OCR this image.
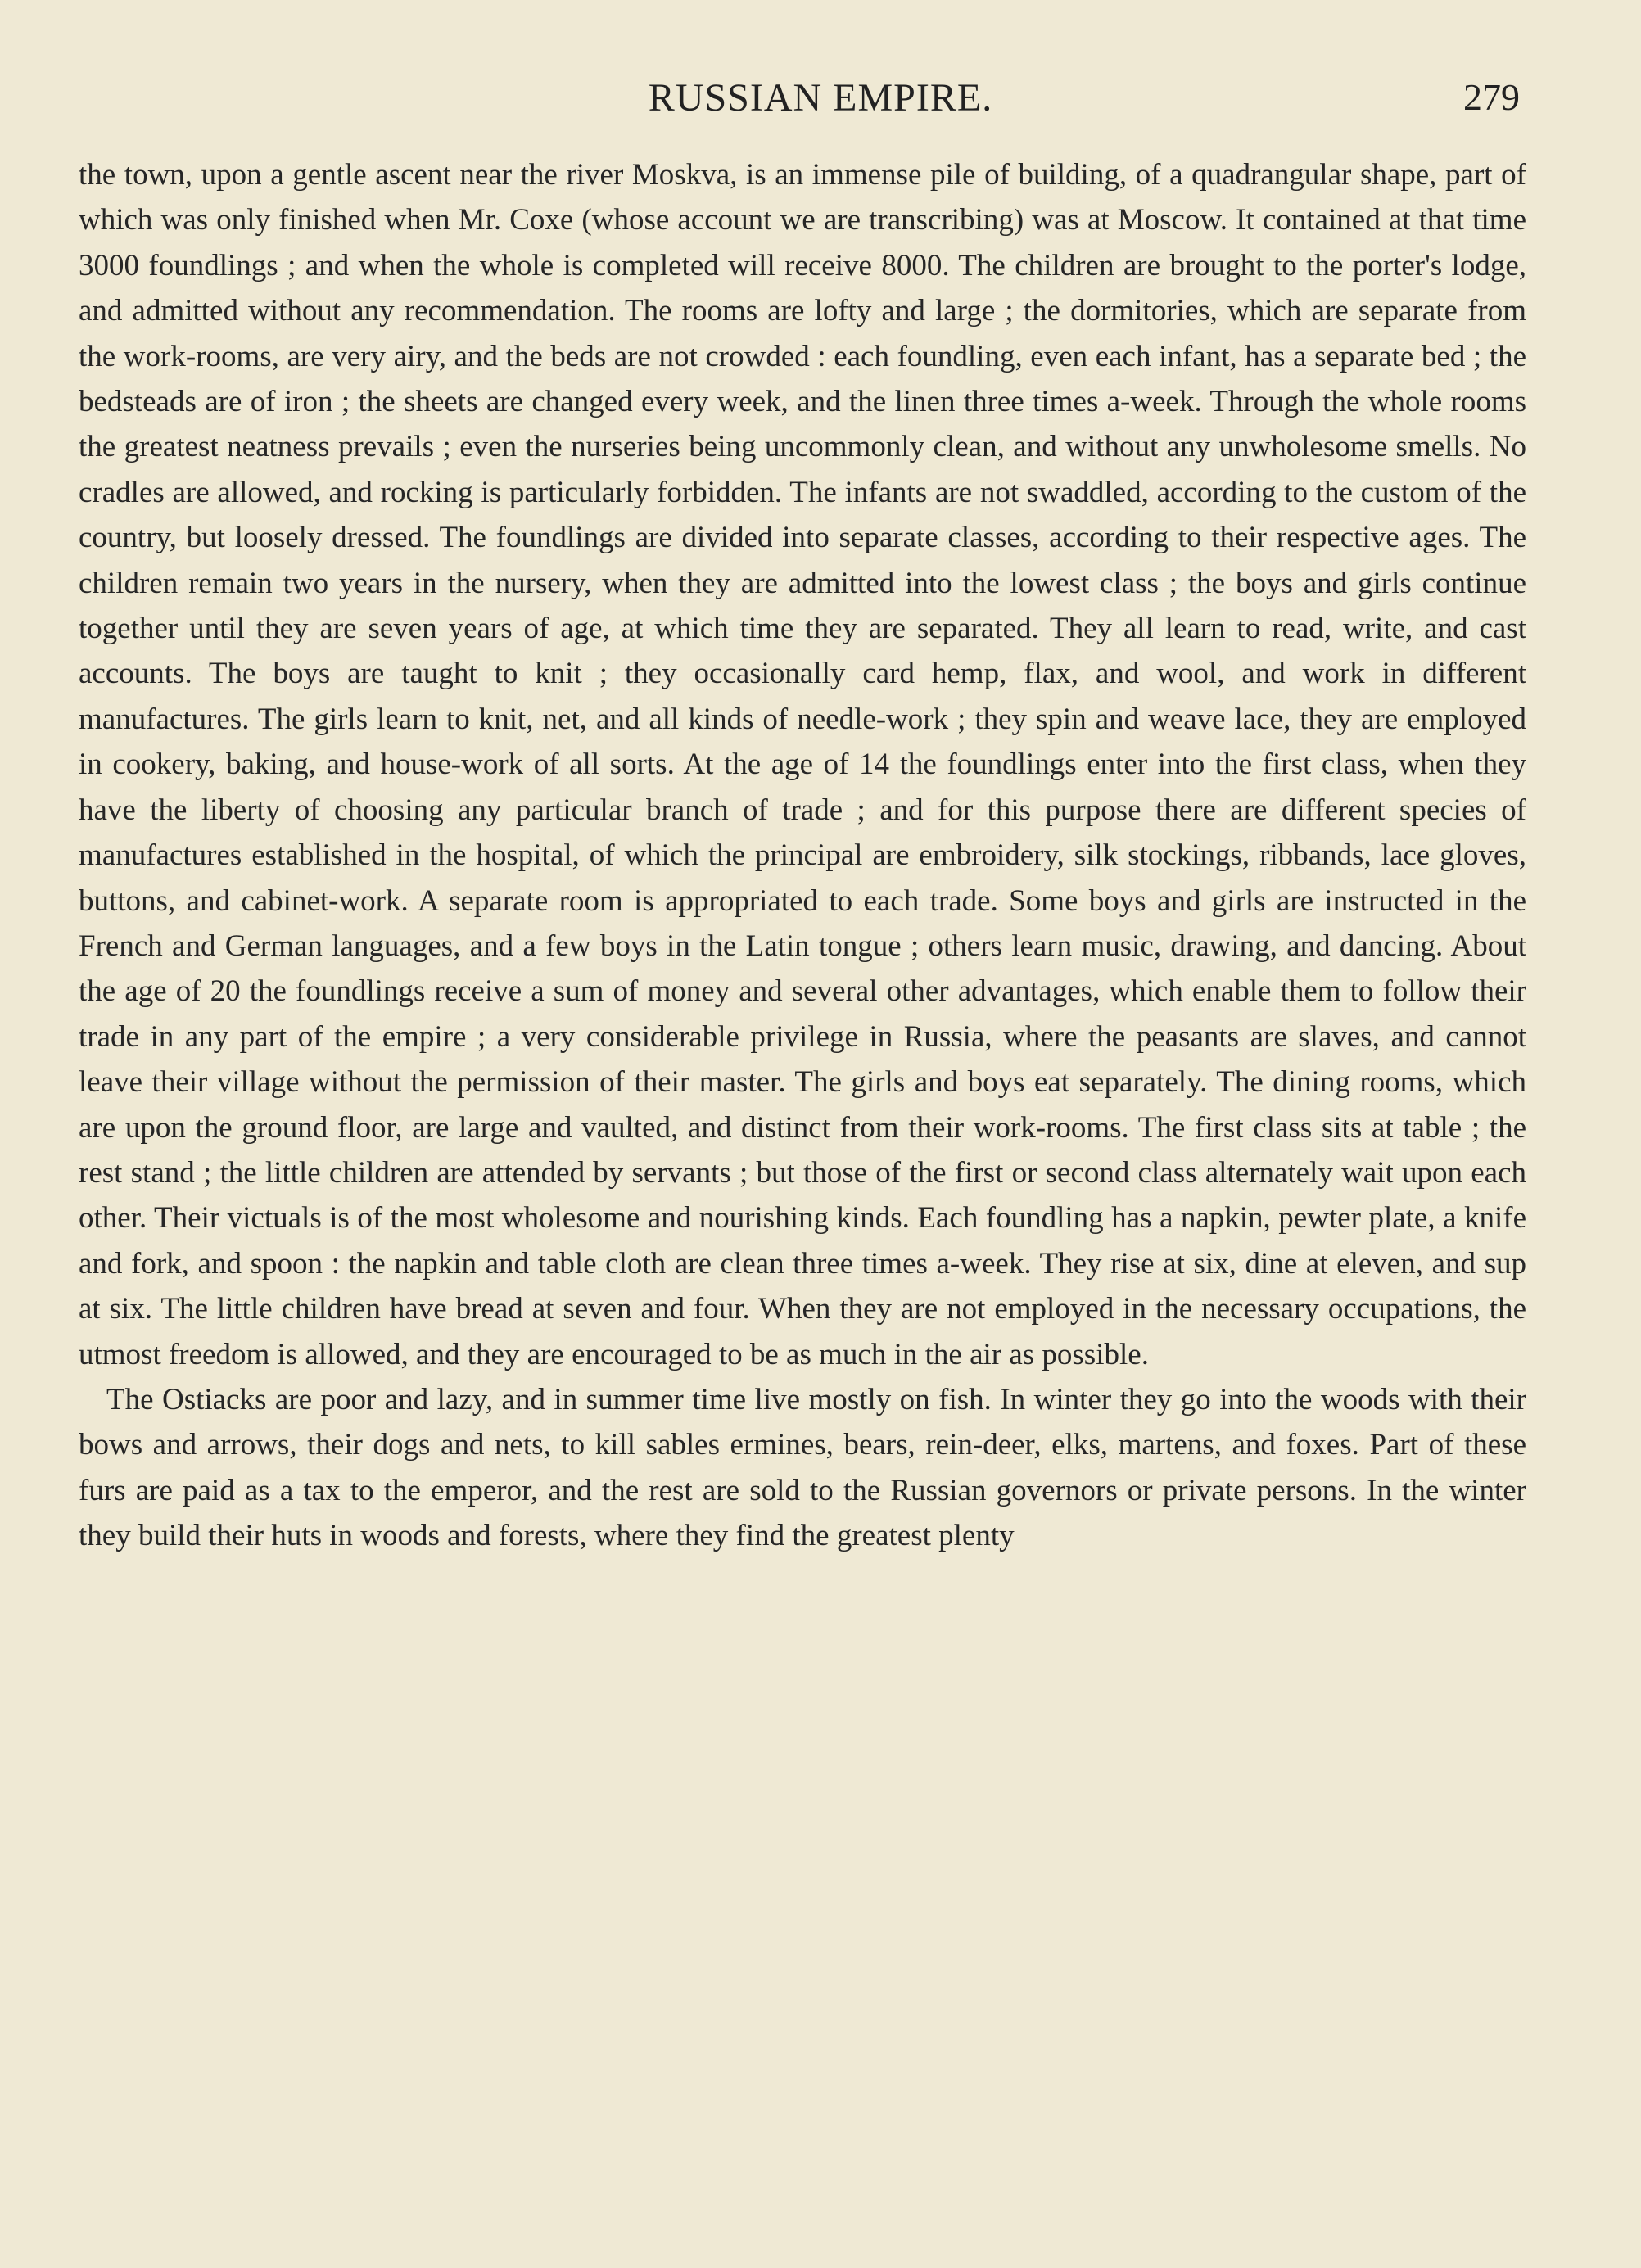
RUSSIAN EMPIRE.	279

the town, upon a gentle ascent near the river Moskva, is an immense pile of building, of a quadrangular shape, part of which was only finished when Mr. Coxe (whose account we are transcribing) was at Moscow. It contained at that time 3000 foundlings ; and when the whole is completed will receive 8000. The children are brought to the porter's lodge, and admitted without any recommendation. The rooms are lofty and large ; the dormitories, which are separate from the work-rooms, are very airy, and the beds are not crowded : each foundling, even each infant, has a separate bed ; the bedsteads are of iron ; the sheets are changed every week, and the linen three times a-week. Through the whole rooms the greatest neatness prevails ; even the nurseries being uncommonly clean, and without any unwholesome smells. No cradles are allowed, and rocking is particularly forbidden. The infants are not swaddled, according to the custom of the country, but loosely dressed. The foundlings are divided into separate classes, according to their respective ages. The children remain two years in the nursery, when they are admitted into the lowest class ; the boys and girls continue together until they are seven years of age, at which time they are separated. They all learn to read, write, and cast accounts. The boys are taught to knit ; they occasionally card hemp, flax, and wool, and work in different manufactures. The girls learn to knit, net, and all kinds of needle-work ; they spin and weave lace, they are employed in cookery, baking, and house-work of all sorts. At the age of 14 the foundlings enter into the first class, when they have the liberty of choosing any particular branch of trade ; and for this purpose there are different species of manufactures established in the hospital, of which the principal are embroidery, silk stockings, ribbands, lace gloves, buttons, and cabinet-work. A separate room is appropriated to each trade. Some boys and girls are instructed in the French and German languages, and a few boys in the Latin tongue ; others learn music, drawing, and dancing. About the age of 20 the foundlings receive a sum of money and several other advantages, which enable them to follow their trade in any part of the empire ; a very considerable privilege in Russia, where the peasants are slaves, and cannot leave their village without the permission of their master. The girls and boys eat separately. The dining rooms, which are upon the ground floor, are large and vaulted, and distinct from their work-rooms. The first class sits at table ; the rest stand ; the little children are attended by servants ; but those of the first or second class alternately wait upon each other. Their victuals is of the most wholesome and nourishing kinds. Each foundling has a napkin, pewter plate, a knife and fork, and spoon : the napkin and table cloth are clean three times a-week. They rise at six, dine at eleven, and sup at six. The little children have bread at seven and four. When they are not employed in the necessary occupations, the utmost freedom is allowed, and they are encouraged to be as much in the air as possible.

The Ostiacks are poor and lazy, and in summer time live mostly on fish. In winter they go into the woods with their bows and arrows, their dogs and nets, to kill sables ermines, bears, rein-deer, elks, martens, and foxes. Part of these furs are paid as a tax to the emperor, and the rest are sold to the Russian governors or private persons. In the winter they build their huts in woods and forests, where they find the greatest plenty
